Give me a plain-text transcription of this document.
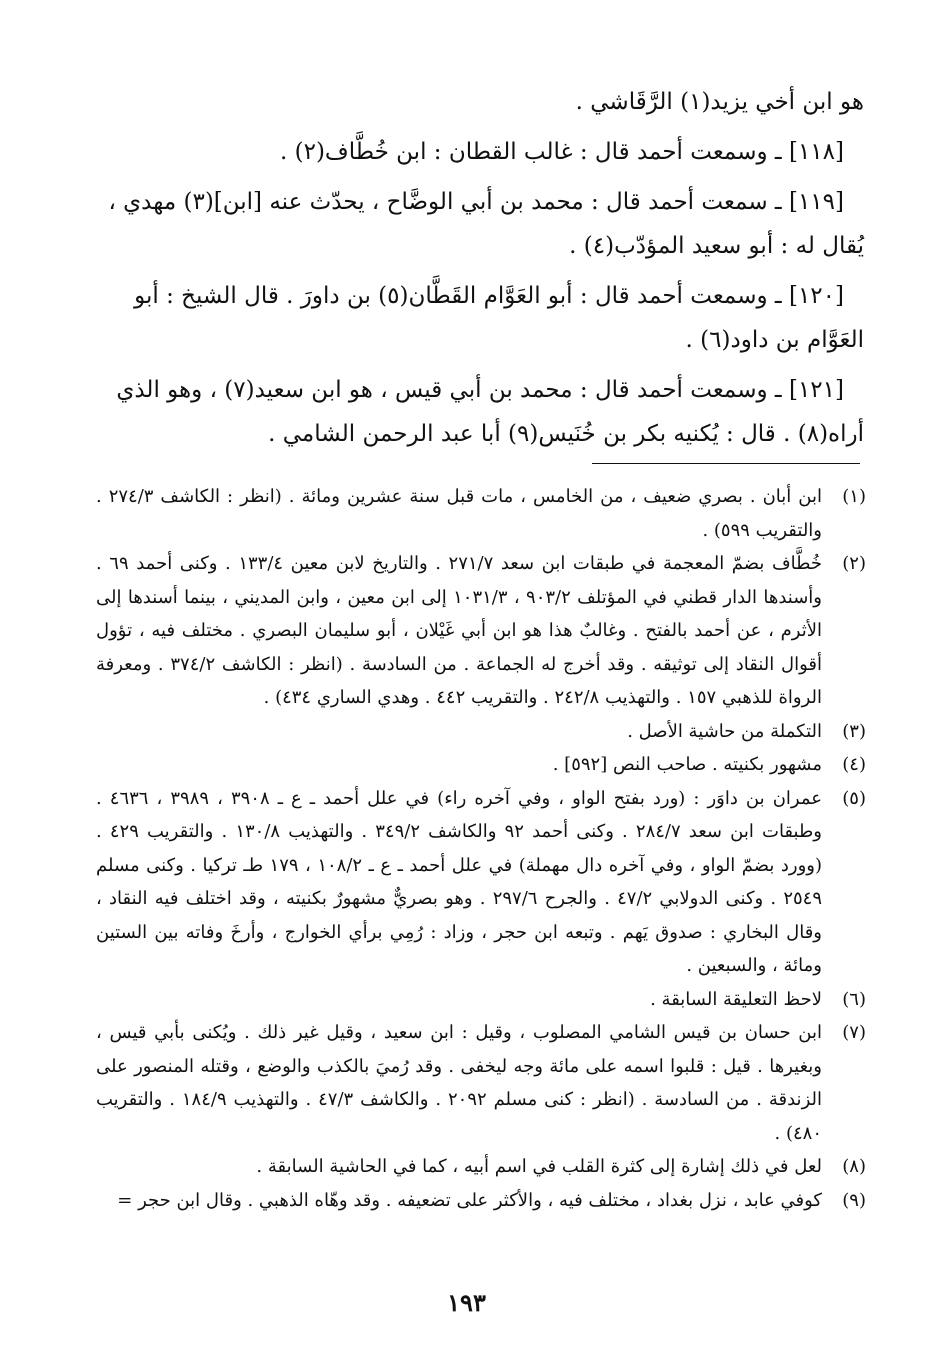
هو ابن أخي يزيد(١) الرَّقَاشي .

[١١٨] ـ وسمعت أحمد قال : غالب القطان : ابن خُطَّاف(٢) .

[١١٩] ـ سمعت أحمد قال : محمد بن أبي الوضَّاح ، يحدّث عنه [ابن](٣) مهدي ، يُقال له : أبو سعيد المؤدّب(٤) .

[١٢٠] ـ وسمعت أحمد قال : أبو العَوَّام القَطَّان(٥) بن داورَ . قال الشيخ : أبو العَوَّام بن داود(٦) .

[١٢١] ـ وسمعت أحمد قال : محمد بن أبي قيس ، هو ابن سعيد(٧) ، وهو الذي أراه(٨) . قال : يُكنيه بكر بن خُنَيس(٩) أبا عبد الرحمن الشامي .

(١)
ابن أبان . بصري ضعيف ، من الخامس ، مات قبل سنة عشرين ومائة . (انظر : الكاشف ٢٧٤/٣ . والتقريب ٥٩٩) .
(٢)
خُطَّاف بضمّ المعجمة في طبقات ابن سعد ٢٧١/٧ . والتاريخ لابن معين ١٣٣/٤ . وكنى أحمد ٦٩ . وأسندها الدار قطني في المؤتلف ٩٠٣/٢ ، ١٠٣١/٣ إلى ابن معين ، وابن المديني ، بينما أسندها إلى الأثرم ، عن أحمد بالفتح . وغالبٌ هذا هو ابن أبي غَيْلان ، أبو سليمان البصري . مختلف فيه ، تؤول أقوال النقاد إلى توثيقه . وقد أخرج له الجماعة . من السادسة . (انظر : الكاشف ٣٧٤/٢ . ومعرفة الرواة للذهبي ١٥٧ . والتهذيب ٢٤٢/٨ . والتقريب ٤٤٢ . وهدي الساري ٤٣٤) .
(٣)
التكملة من حاشية الأصل .
(٤)
مشهور بكنيته . صاحب النص [٥٩٢] .
(٥)
عمران بن داوَر : (ورد بفتح الواو ، وفي آخره راء) في علل أحمد ـ ع ـ ٣٩٠٨ ، ٣٩٨٩ ، ٤٦٣٦ . وطبقات ابن سعد ٢٨٤/٧ . وكنى أحمد ٩٢ والكاشف ٣٤٩/٢ . والتهذيب ١٣٠/٨ . والتقريب ٤٢٩ . (وورد بضمّ الواو ، وفي آخره دال مهملة) في علل أحمد ـ ع ـ ١٠٨/٢ ، ١٧٩ طـ تركيا . وكنى مسلم ٢٥٤٩ . وكنى الدولابي ٤٧/٢ . والجرح ٢٩٧/٦ . وهو بصريٌّ مشهورٌ بكنيته ، وقد اختلف فيه النقاد ، وقال البخاري : صدوق يَهم . وتبعه ابن حجر ، وزاد : رُمِي برأي الخوارج ، وأرخَ وفاته بين الستين ومائة ، والسبعين .
(٦)
لاحظ التعليقة السابقة .
(٧)
ابن حسان بن قيس الشامي المصلوب ، وقيل : ابن سعيد ، وقيل غير ذلك . ويُكنى بأبي قيس ، وبغيرها . قيل : قلبوا اسمه على مائة وجه ليخفى . وقد رُميَ بالكذب والوضع ، وقتله المنصور على الزندقة . من السادسة . (انظر : كنى مسلم ٢٠٩٢ . والكاشف ٤٧/٣ . والتهذيب ١٨٤/٩ . والتقريب ٤٨٠) .
(٨)
لعل في ذلك إشارة إلى كثرة القلب في اسم أبيه ، كما في الحاشية السابقة .
(٩)
كوفي عابد ، نزل بغداد ، مختلف فيه ، والأكثر على تضعيفه . وقد وهّاه الذهبي . وقال ابن حجر =
١٩٣
